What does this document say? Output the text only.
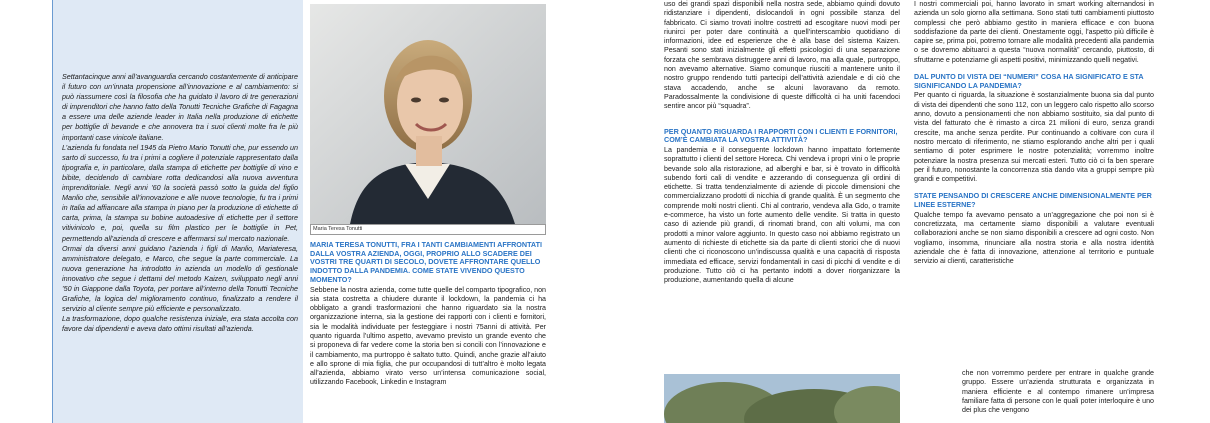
Settantacinque anni all’avanguardia cercando costantemente di anticipare il futuro con un’innata propensione all’innovazione e al cambiamento: si può riassumere così la filosofia che ha guidato il lavoro di tre generazioni di imprenditori che hanno fatto della Tonutti Tecniche Grafiche di Fagagna a essere una delle aziende leader in Italia nella produzione di etichette per bottiglie di bevande e che annovera tra i suoi clienti molte fra le più importanti case vinicole italiane.

L’azienda fu fondata nel 1945 da Pietro Mario Tonutti che, pur essendo un sarto di successo, fu tra i primi a cogliere il potenziale rappresentato dalla tipografia e, in particolare, dalla stampa di etichette per bottiglie di vino e bibite, decidendo di cambiare rotta dedicandosi alla nuova avventura imprenditoriale. Negli anni ’60 la società passò sotto la guida del figlio Manlio che, sensibile all’innovazione e alle nuove tecnologie, fu tra i primi in Italia ad affiancare alla stampa in piano per la produzione di etichette di carta, prima, la stampa su bobine autoadesive di etichette per il settore vitivinicolo e, poi, quella su film plastico per le bottiglie in Pet, permettendo all’azienda di crescere e affermarsi sul mercato nazionale.

Ormai da diversi anni guidano l’azienda i figli di Manlio, Mariateresa, amministratore delegato, e Marco, che segue la parte commerciale. La nuova generazione ha introdotto in azienda un modello di gestionale innovativo che segue i dettami del metodo Kaizen, sviluppato negli anni ’50 in Giappone dalla Toyota, per portare all’interno della Tonutti Tecniche Grafiche, la logica del miglioramento continuo, finalizzato a rendere il servizio al cliente sempre più efficiente e personalizzato.

La trasformazione, dopo qualche resistenza iniziale, era stata accolta con favore dai dipendenti e aveva dato ottimi risultati all’azienda.

Maria Teresa Tonutti

MARIA TERESA TONUTTI, FRA I TANTI CAMBIAMENTI AFFRONTATI DALLA VOSTRA AZIENDA, OGGI, PROPRIO ALLO SCADERE DEI VOSTRI TRE QUARTI DI SECOLO, DOVETE AFFRONTARE QUELLO INDOTTO DALLA PANDEMIA. COME STATE VIVENDO QUESTO MOMENTO?

Sebbene la nostra azienda, come tutte quelle del comparto tipografico, non sia stata costretta a chiudere durante il lockdown, la pandemia ci ha obbligato a grandi trasformazioni che hanno riguardato sia la nostra organizzazione interna, sia la gestione dei rapporti con i clienti e fornitori, sia le modalità individuate per festeggiare i nostri 75anni di attività. Per quanto riguarda l’ultimo aspetto, avevamo previsto un grande evento che si proponeva di far vedere come la storia ben si concili con l’innovazione e il cambiamento, ma purtroppo è saltato tutto. Quindi, anche grazie all’aiuto e allo sprone di mia figlia, che pur occupandosi di tutt’altro è molto legata all’azienda, abbiamo virato verso un’intensa comunicazione social, utilizzando Facebook, Linkedin e Instagram

uso dei grandi spazi disponibili nella nostra sede, abbiamo quindi dovuto ridistanziare i dipendenti, dislocandoli in ogni possibile stanza del fabbricato. Ci siamo trovati inoltre costretti ad escogitare nuovi modi per riunirci per poter dare continuità a quell’interscambio quotidiano di informazioni, idee ed esperienze che è alla base del sistema Kaizen. Pesanti sono stati inizialmente gli effetti psicologici di una separazione forzata che sembrava distruggere anni di lavoro, ma alla quale, purtroppo, non avevamo alternative. Siamo comunque riusciti a mantenere unito il nostro gruppo rendendo tutti partecipi dell’attività aziendale e di ciò che stava accadendo, anche se alcuni lavoravano da remoto. Paradossalmente la condivisione di queste difficoltà ci ha uniti facendoci sentire ancor più “squadra”.

PER QUANTO RIGUARDA I RAPPORTI CON I CLIENTI E FORNITORI, COM’È CAMBIATA LA VOSTRA ATTIVITÀ?

La pandemia e il conseguente lockdown hanno impattato fortemente soprattutto i clienti del settore Horeca. Chi vendeva i propri vini o le proprie bevande solo alla ristorazione, ad alberghi e bar, si è trovato in difficoltà subendo forti cali di vendite e azzerando di conseguenza gli ordini di etichette. Si tratta tendenzialmente di aziende di piccole dimensioni che commercializzano prodotti di nicchia di grande qualità. È un segmento che comprende molti nostri clienti. Chi al contrario, vendeva alla Gdo, o tramite e-commerce, ha visto un forte aumento delle vendite. Si tratta in questo caso di aziende più grandi, di rinomati brand, con alti volumi, ma con prodotti a minor valore aggiunto. In questo caso noi abbiamo registrato un aumento di richieste di etichette sia da parte di clienti storici che di nuovi clienti che ci riconoscono un’indiscussa qualità e una capacità di risposta immediata ed efficace, servizi fondamentali in casi di picchi di vendite e di produzione. Tutto ciò ci ha pertanto indotti a dover riorganizzare la produzione, aumentando quella di alcune

I nostri commerciali poi, hanno lavorato in smart working alternandosi in azienda un solo giorno alla settimana. Sono stati tutti cambiamenti piuttosto complessi che però abbiamo gestito in maniera efficace e con buona soddisfazione da parte dei clienti. Onestamente oggi, l’aspetto più difficile è capire se, prima poi, potremo tornare alle modalità precedenti alla pandemia o se dovremo abituarci a questa “nuova normalità” cercando, piuttosto, di sfruttarne e potenziarne gli aspetti positivi, minimizzando quelli negativi.

DAL PUNTO DI VISTA DEI “NUMERI” COSA HA SIGNIFICATO E STA SIGNIFICANDO LA PANDEMIA?

Per quanto ci riguarda, la situazione è sostanzialmente buona sia dal punto di vista dei dipendenti che sono 112, con un leggero calo rispetto allo scorso anno, dovuto a pensionamenti che non abbiamo sostituito, sia dal punto di vista del fatturato che è rimasto a circa 21 milioni di euro, senza grandi crescite, ma anche senza perdite. Pur continuando a coltivare con cura il nostro mercato di riferimento, ne stiamo esplorando anche altri per i quali sentiamo di poter esprimere le nostre potenzialità; vorremmo inoltre potenziare la nostra presenza sui mercati esteri. Tutto ciò ci fa ben sperare per il futuro, nonostante la concorrenza stia dando vita a gruppi sempre più grandi e competitivi.

STATE PENSANDO DI CRESCERE ANCHE DIMENSIONALMENTE PER LINEE ESTERNE?

Qualche tempo fa avevamo pensato a un’aggregazione che poi non si è concretizzata, ma certamente siamo disponibili a valutare eventuali collaborazioni anche se non siamo disponibili a crescere ad ogni costo. Non vogliamo, insomma, rinunciare alla nostra storia e alla nostra identità aziendale che è fatta di innovazione, attenzione al territorio e puntuale servizio ai clienti, caratteristiche

che non vorremmo perdere per entrare in qualche grande gruppo. Essere un’azienda strutturata e organizzata in maniera efficiente e al contempo rimanere un’impresa familiare fatta di persone con le quali poter interloquire è uno dei plus che vengono
